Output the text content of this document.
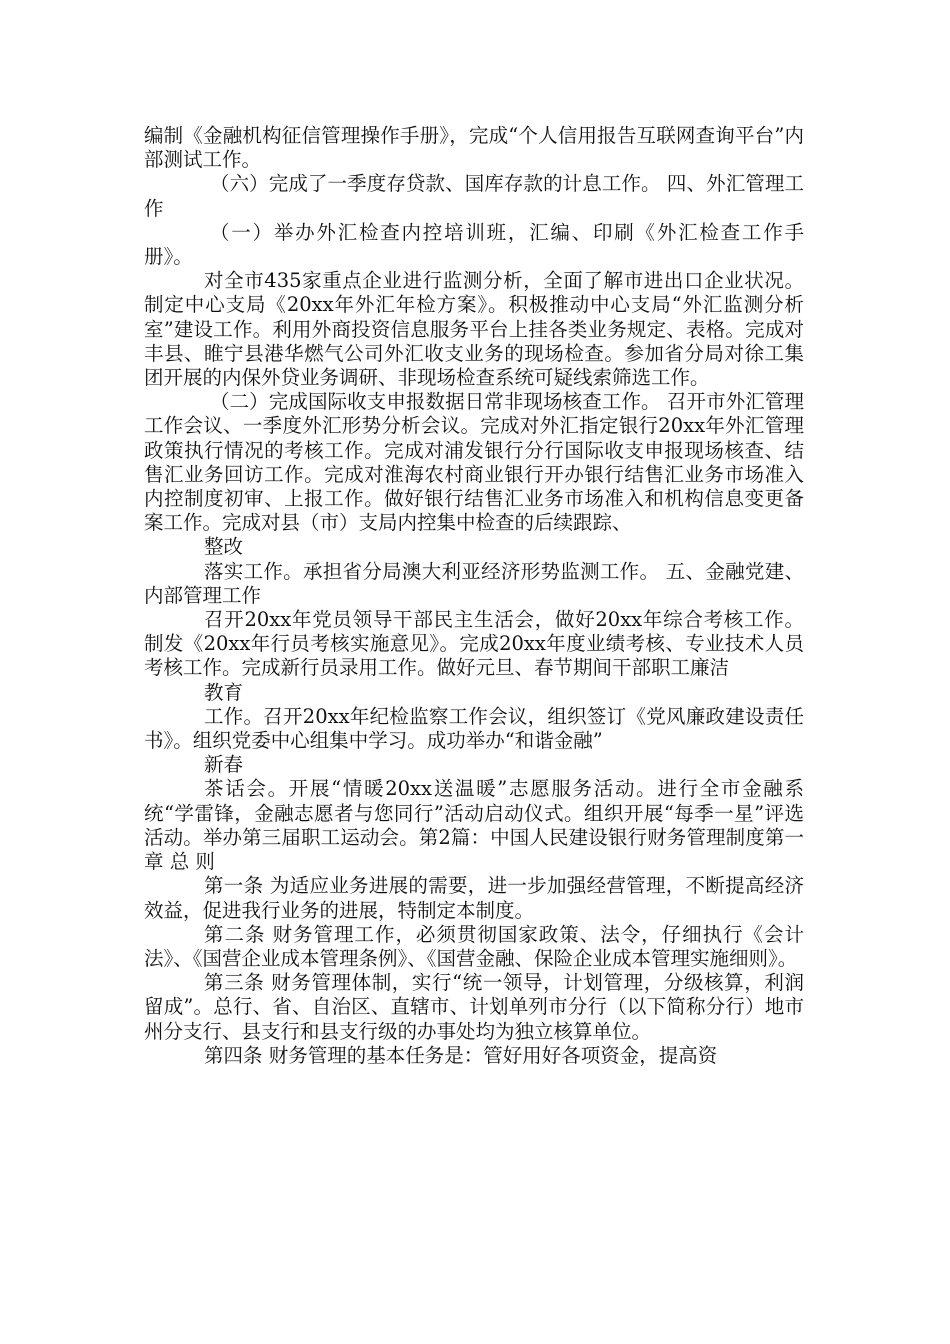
编制《金融机构征信管理操作手册》，完成“个人信用报告互联网查询平台”内部测试工作。

（六）完成了一季度存贷款、国库存款的计息工作。 四、外汇管理工作

（一）举办外汇检查内控培训班，汇编、印刷《外汇检查工作手册》。

对全市435家重点企业进行监测分析，全面了解市进出口企业状况。制定中心支局《20xx年外汇年检方案》。积极推动中心支局“外汇监测分析室”建设工作。利用外商投资信息服务平台上挂各类业务规定、表格。完成对丰县、睢宁县港华燃气公司外汇收支业务的现场检查。参加省分局对徐工集团开展的内保外贷业务调研、非现场检查系统可疑线索筛选工作。

（二）完成国际收支申报数据日常非现场核查工作。 召开市外汇管理工作会议、一季度外汇形势分析会议。完成对外汇指定银行20xx年外汇管理政策执行情况的考核工作。完成对浦发银行分行国际收支申报现场核查、结售汇业务回访工作。完成对淮海农村商业银行开办银行结售汇业务市场准入内控制度初审、上报工作。做好银行结售汇业务市场准入和机构信息变更备案工作。完成对县（市）支局内控集中检查的后续跟踪、

整改

落实工作。承担省分局澳大利亚经济形势监测工作。 五、金融党建、内部管理工作

召开20xx年党员领导干部民主生活会，做好20xx年综合考核工作。制发《20xx年行员考核实施意见》。完成20xx年度业绩考核、专业技术人员考核工作。完成新行员录用工作。做好元旦、春节期间干部职工廉洁

教育

工作。召开20xx年纪检监察工作会议，组织签订《党风廉政建设责任书》。组织党委中心组集中学习。成功举办“和谐金融”

新春

茶话会。开展“情暖20xx送温暖”志愿服务活动。进行全市金融系统“学雷锋，金融志愿者与您同行”活动启动仪式。组织开展“每季一星”评选活动。举办第三届职工运动会。第2篇：中国人民建设银行财务管理制度第一章 总 则

第一条 为适应业务进展的需要，进一步加强经营管理，不断提高经济效益，促进我行业务的进展，特制定本制度。

第二条 财务管理工作，必须贯彻国家政策、法令，仔细执行《会计法》、《国营企业成本管理条例》、《国营金融、保险企业成本管理实施细则》。

第三条 财务管理体制，实行“统一领导，计划管理，分级核算，利润留成”。总行、省、自治区、直辖市、计划单列市分行（以下简称分行）地市州分支行、县支行和县支行级的办事处均为独立核算单位。

第四条 财务管理的基本任务是：管好用好各项资金，提高资
